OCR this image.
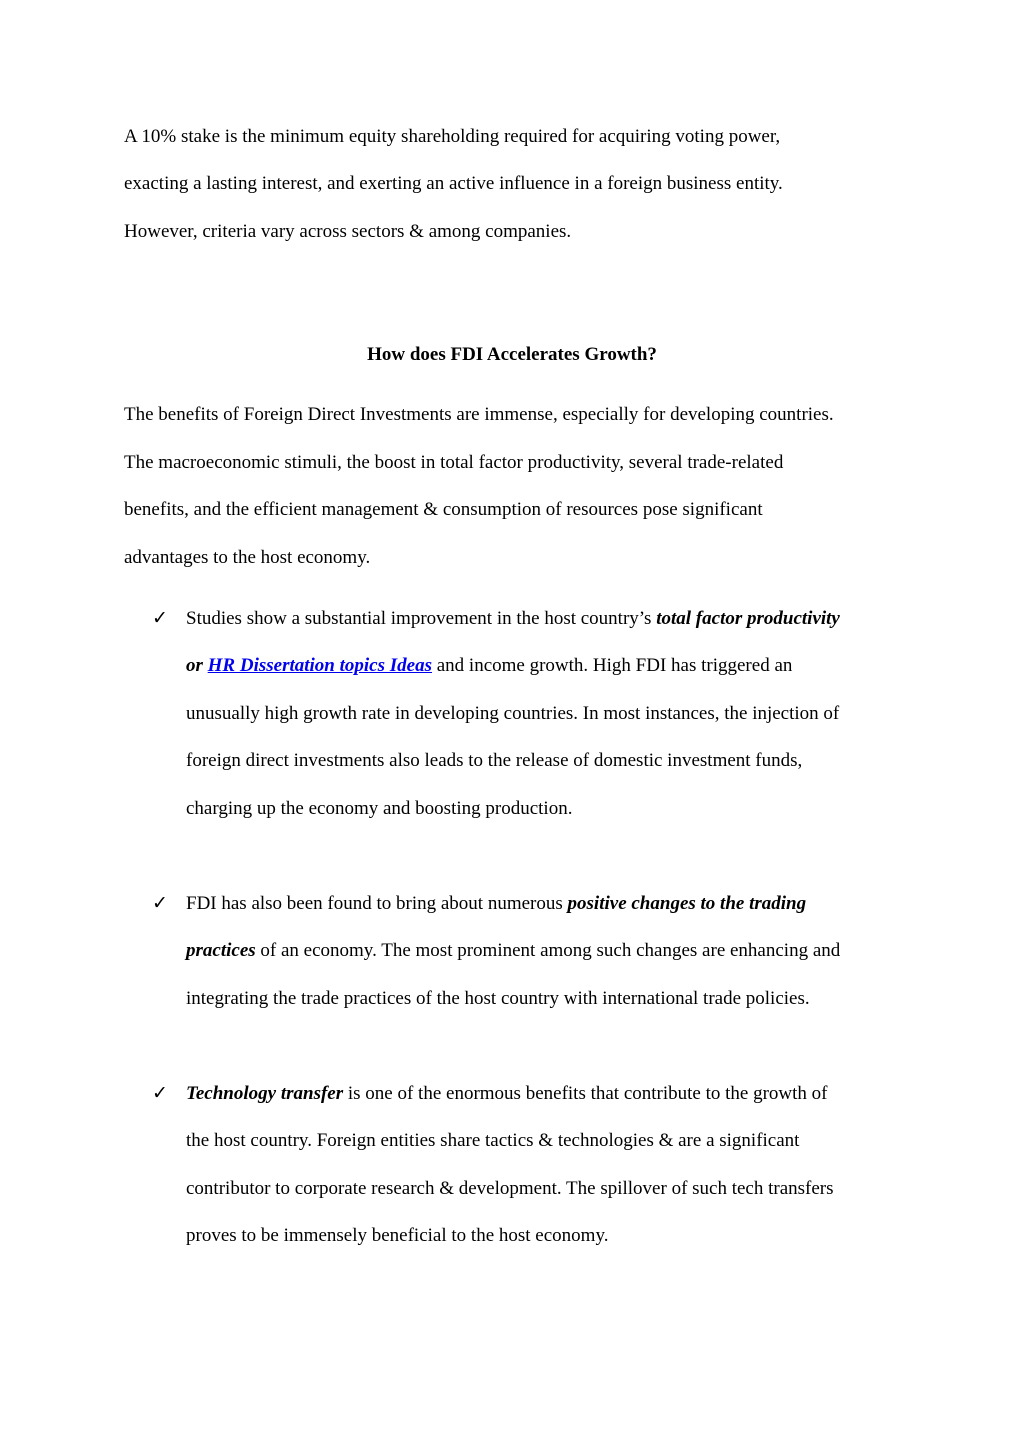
A 10% stake is the minimum equity shareholding required for acquiring voting power,
exacting a lasting interest, and exerting an active influence in a foreign business entity.
However, criteria vary across sectors & among companies.
How does FDI Accelerates Growth?
The benefits of Foreign Direct Investments are immense, especially for developing countries.
The macroeconomic stimuli, the boost in total factor productivity, several trade-related
benefits, and the efficient management & consumption of resources pose significant
advantages to the host economy.
✓ Studies show a substantial improvement in the host country’s total factor productivity
or HR Dissertation topics Ideas and income growth. High FDI has triggered an
unusually high growth rate in developing countries. In most instances, the injection of
foreign direct investments also leads to the release of domestic investment funds,
charging up the economy and boosting production.
✓ FDI has also been found to bring about numerous positive changes to the trading
practices of an economy. The most prominent among such changes are enhancing and
integrating the trade practices of the host country with international trade policies.
✓ Technology transfer is one of the enormous benefits that contribute to the growth of
the host country. Foreign entities share tactics & technologies & are a significant
contributor to corporate research & development. The spillover of such tech transfers
proves to be immensely beneficial to the host economy.
